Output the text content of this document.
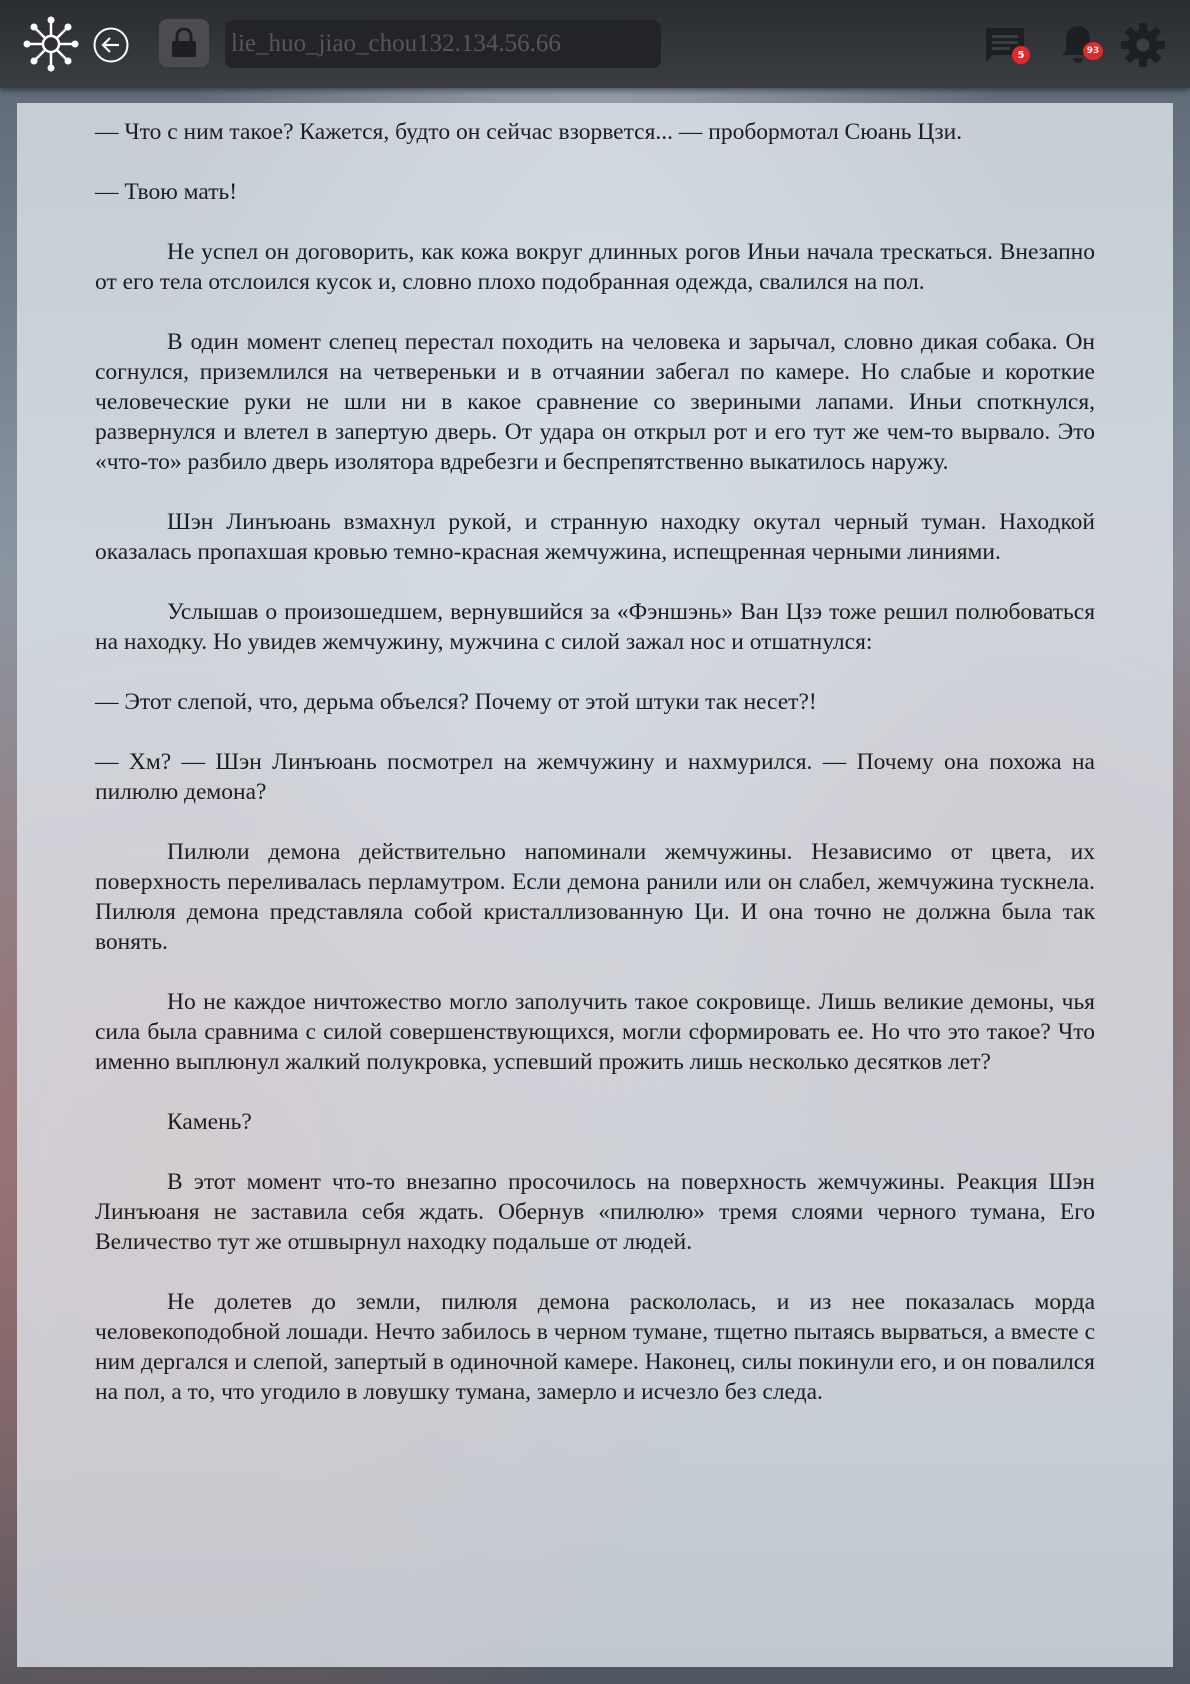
lie_huo_jiao_chou132.134.56.66	5	93

— Что с ним такое? Кажется, будто он сейчас взорвется... — пробормотал Сюань Цзи.

— Твою мать!

Не успел он договорить, как кожа вокруг длинных рогов Иньи начала трескаться. Внезапно от его тела отслоился кусок и, словно плохо подобранная одежда, свалился на пол.

В один момент слепец перестал походить на человека и зарычал, словно дикая собака. Он согнулся, приземлился на четвереньки и в отчаянии забегал по камере. Но слабые и короткие человеческие руки не шли ни в какое сравнение со звериными лапами. Иньи споткнулся, развернулся и влетел в запертую дверь. От удара он открыл рот и его тут же чем-то вырвало. Это «что-то» разбило дверь изолятора вдребезги и беспрепятственно выкатилось наружу.

Шэн Линъюань взмахнул рукой, и странную находку окутал черный туман. Находкой оказалась пропахшая кровью темно-красная жемчужина, испещренная черными линиями.

Услышав о произошедшем, вернувшийся за «Фэншэнь» Ван Цзэ тоже решил полюбоваться на находку. Но увидев жемчужину, мужчина с силой зажал нос и отшатнулся:

— Этот слепой, что, дерьма объелся? Почему от этой штуки так несет?!

— Хм? — Шэн Линъюань посмотрел на жемчужину и нахмурился. — Почему она похожа на пилюлю демона?

Пилюли демона действительно напоминали жемчужины. Независимо от цвета, их поверхность переливалась перламутром. Если демона ранили или он слабел, жемчужина тускнела. Пилюля демона представляла собой кристаллизованную Ци. И она точно не должна была так вонять.

Но не каждое ничтожество могло заполучить такое сокровище. Лишь великие демоны, чья сила была сравнима с силой совершенствующихся, могли сформировать ее. Но что это такое? Что именно выплюнул жалкий полукровка, успевший прожить лишь несколько десятков лет?

Камень?

В этот момент что-то внезапно просочилось на поверхность жемчужины. Реакция Шэн Линъюаня не заставила себя ждать. Обернув «пилюлю» тремя слоями черного тумана, Его Величество тут же отшвырнул находку подальше от людей.

Не долетев до земли, пилюля демона раскололась, и из нее показалась морда человекоподобной лошади. Нечто забилось в черном тумане, тщетно пытаясь вырваться, а вместе с ним дергался и слепой, запертый в одиночной камере. Наконец, силы покинули его, и он повалился на пол, а то, что угодило в ловушку тумана, замерло и исчезло без следа.
